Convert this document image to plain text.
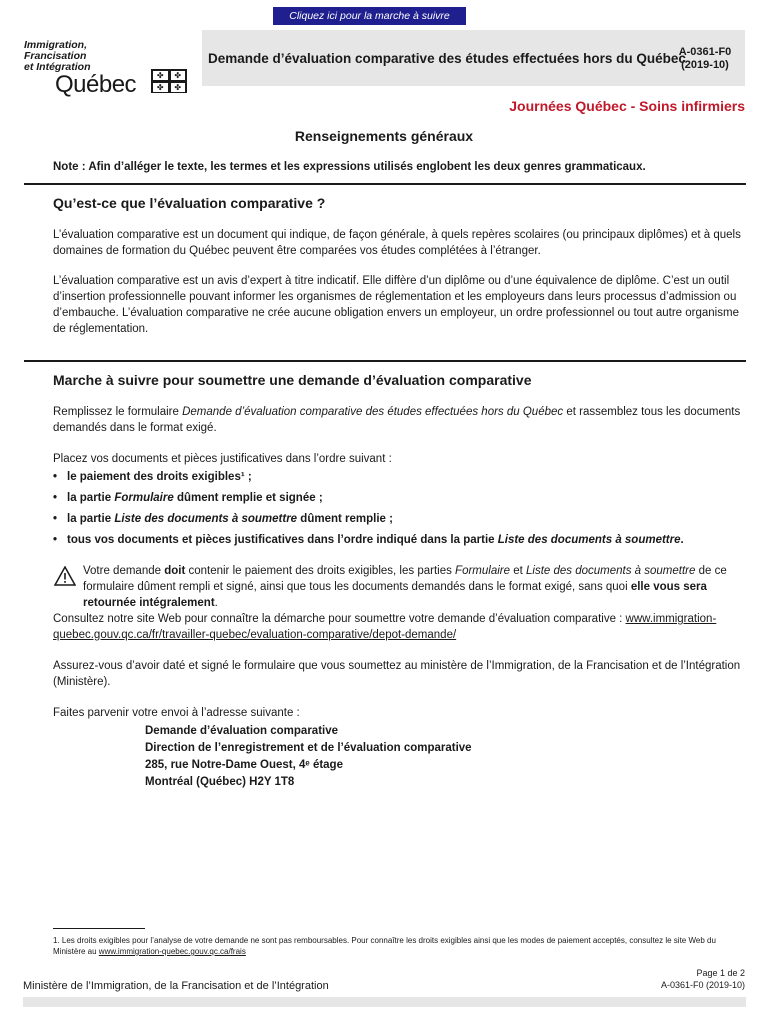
Cliquez ici pour la marche à suivre
Immigration,
Francisation
et Intégration
Québec	✤	✤
✤	✤
Demande d’évaluation comparative des études effectuées hors du Québec
A-0361-F0
(2019-10)
Journées Québec - Soins infirmiers
Renseignements généraux
Note : Afin d’alléger le texte, les termes et les expressions utilisés englobent les deux genres grammaticaux.
Qu’est-ce que l’évaluation comparative ?
L’évaluation comparative est un document qui indique, de façon générale, à quels repères scolaires (ou principaux diplômes) et à quels domaines de formation du Québec peuvent être comparées vos études complétées à l’étranger.
L’évaluation comparative est un avis d’expert à titre indicatif. Elle diffère d’un diplôme ou d’une équivalence de diplôme. C’est un outil d’insertion professionnelle pouvant informer les organismes de réglementation et les employeurs dans leurs processus d’admission ou d’embauche. L’évaluation comparative ne crée aucune obligation envers un employeur, un ordre professionnel ou tout autre organisme de réglementation.
Marche à suivre pour soumettre une demande d’évaluation comparative
Remplissez le formulaire Demande d’évaluation comparative des études effectuées hors du Québec et rassemblez tous les documents demandés dans le format exigé.
Placez vos documents et pièces justificatives dans l’ordre suivant :
• le paiement des droits exigibles¹ ;
• la partie Formulaire dûment remplie et signée ;
• la partie Liste des documents à soumettre dûment remplie ;
• tous vos documents et pièces justificatives dans l’ordre indiqué dans la partie Liste des documents à soumettre.
Votre demande doit contenir le paiement des droits exigibles, les parties Formulaire et Liste des documents à soumettre de ce formulaire dûment rempli et signé, ainsi que tous les documents demandés dans le format exigé, sans quoi elle vous sera retournée intégralement.
Consultez notre site Web pour connaître la démarche pour soumettre votre demande d’évaluation comparative : www.immigration-quebec.gouv.qc.ca/fr/travailler-quebec/evaluation-comparative/depot-demande/
Assurez-vous d’avoir daté et signé le formulaire que vous soumettez au ministère de l’Immigration, de la Francisation et de l’Intégration (Ministère).
Faites parvenir votre envoi à l’adresse suivante :
Demande d’évaluation comparative
Direction de l’enregistrement et de l’évaluation comparative
285, rue Notre-Dame Ouest, 4ᵉ étage
Montréal (Québec) H2Y 1T8
1. Les droits exigibles pour l’analyse de votre demande ne sont pas remboursables. Pour connaître les droits exigibles ainsi que les modes de paiement acceptés, consultez le site Web du Ministère au www.immigration-quebec.gouv.qc.ca/frais
Page 1 de 2
A-0361-F0 (2019-10)
Ministère de l’Immigration, de la Francisation et de l’Intégration
